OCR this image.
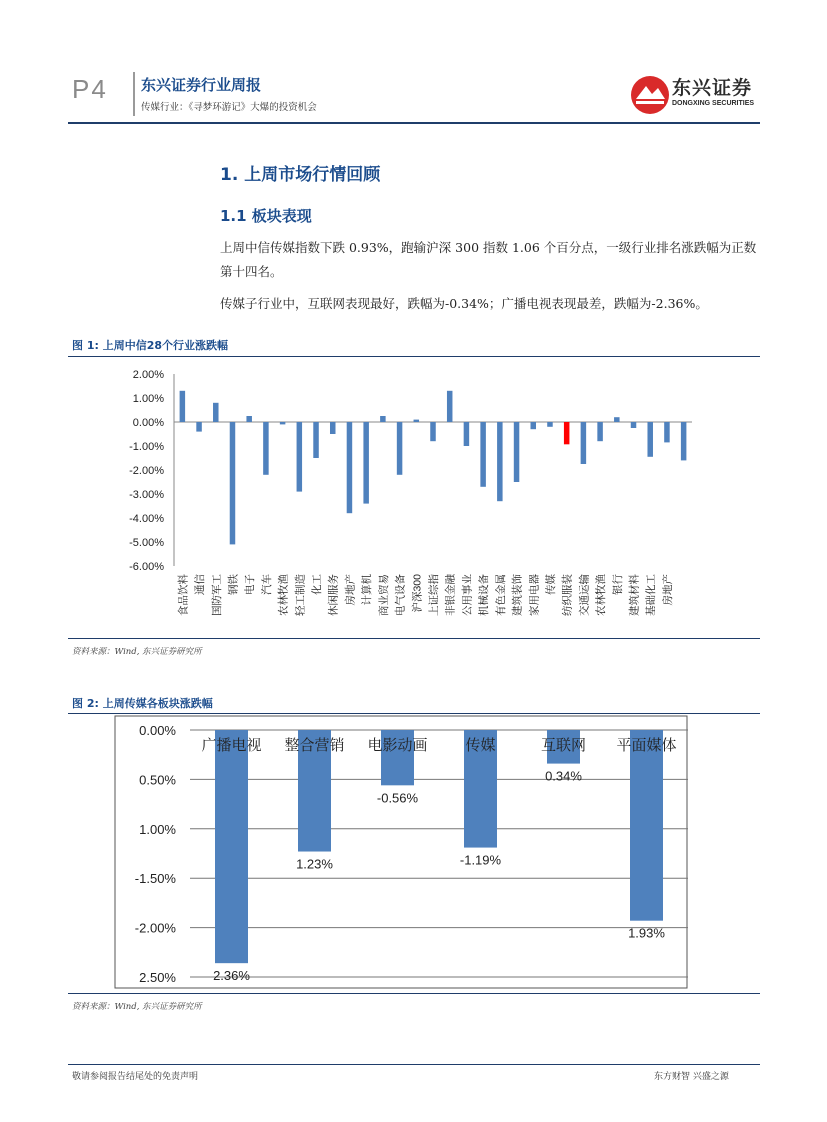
P4 东兴证券行业周报
传媒行业：《寻梦环游记》大爆的投资机会
东兴证券
DONGXING SECURITIES
1. 上周市场行情回顾
1.1 板块表现
上周中信传媒指数下跌 0.93%，跑输沪深 300 指数 1.06 个百分点，一级行业排名涨跌幅为正数第十四名。
传媒子行业中，互联网表现最好，跌幅为-0.34%；广播电视表现最差，跌幅为-2.36%。
图 1: 上周中信28个行业涨跌幅
2.00%
1.00%
0.00%
-1.00%
-2.00%
-3.00%
-4.00%
-5.00%
-6.00%
食品饮料 通信 国防军工 钢铁 电子 汽车 农林牧渔 轻工制造 化工 休闲服务 房地产 计算机 商业贸易 电气设备 沪深300 上证综指 非银金融 公用事业 机械设备 有色金属 建筑装饰 家用电器 传媒 纺织服装 交通运输 农林牧渔 银行 建筑材料 基础化工 房地产
资料来源：Wind, 东兴证券研究所
图 2: 上周传媒各板块涨跌幅
0.00%
0.50%
1.00%
-1.50%
-2.00%
2.50%	2.36%
广播电视
1.23%
整合营销
-0.56%
电影动画
-1.19%
传媒
0.34%
互联网
1.93%
平面媒体
资料来源：Wind, 东兴证券研究所
敬请参阅报告结尾处的免责声明	东方财智 兴盛之源
